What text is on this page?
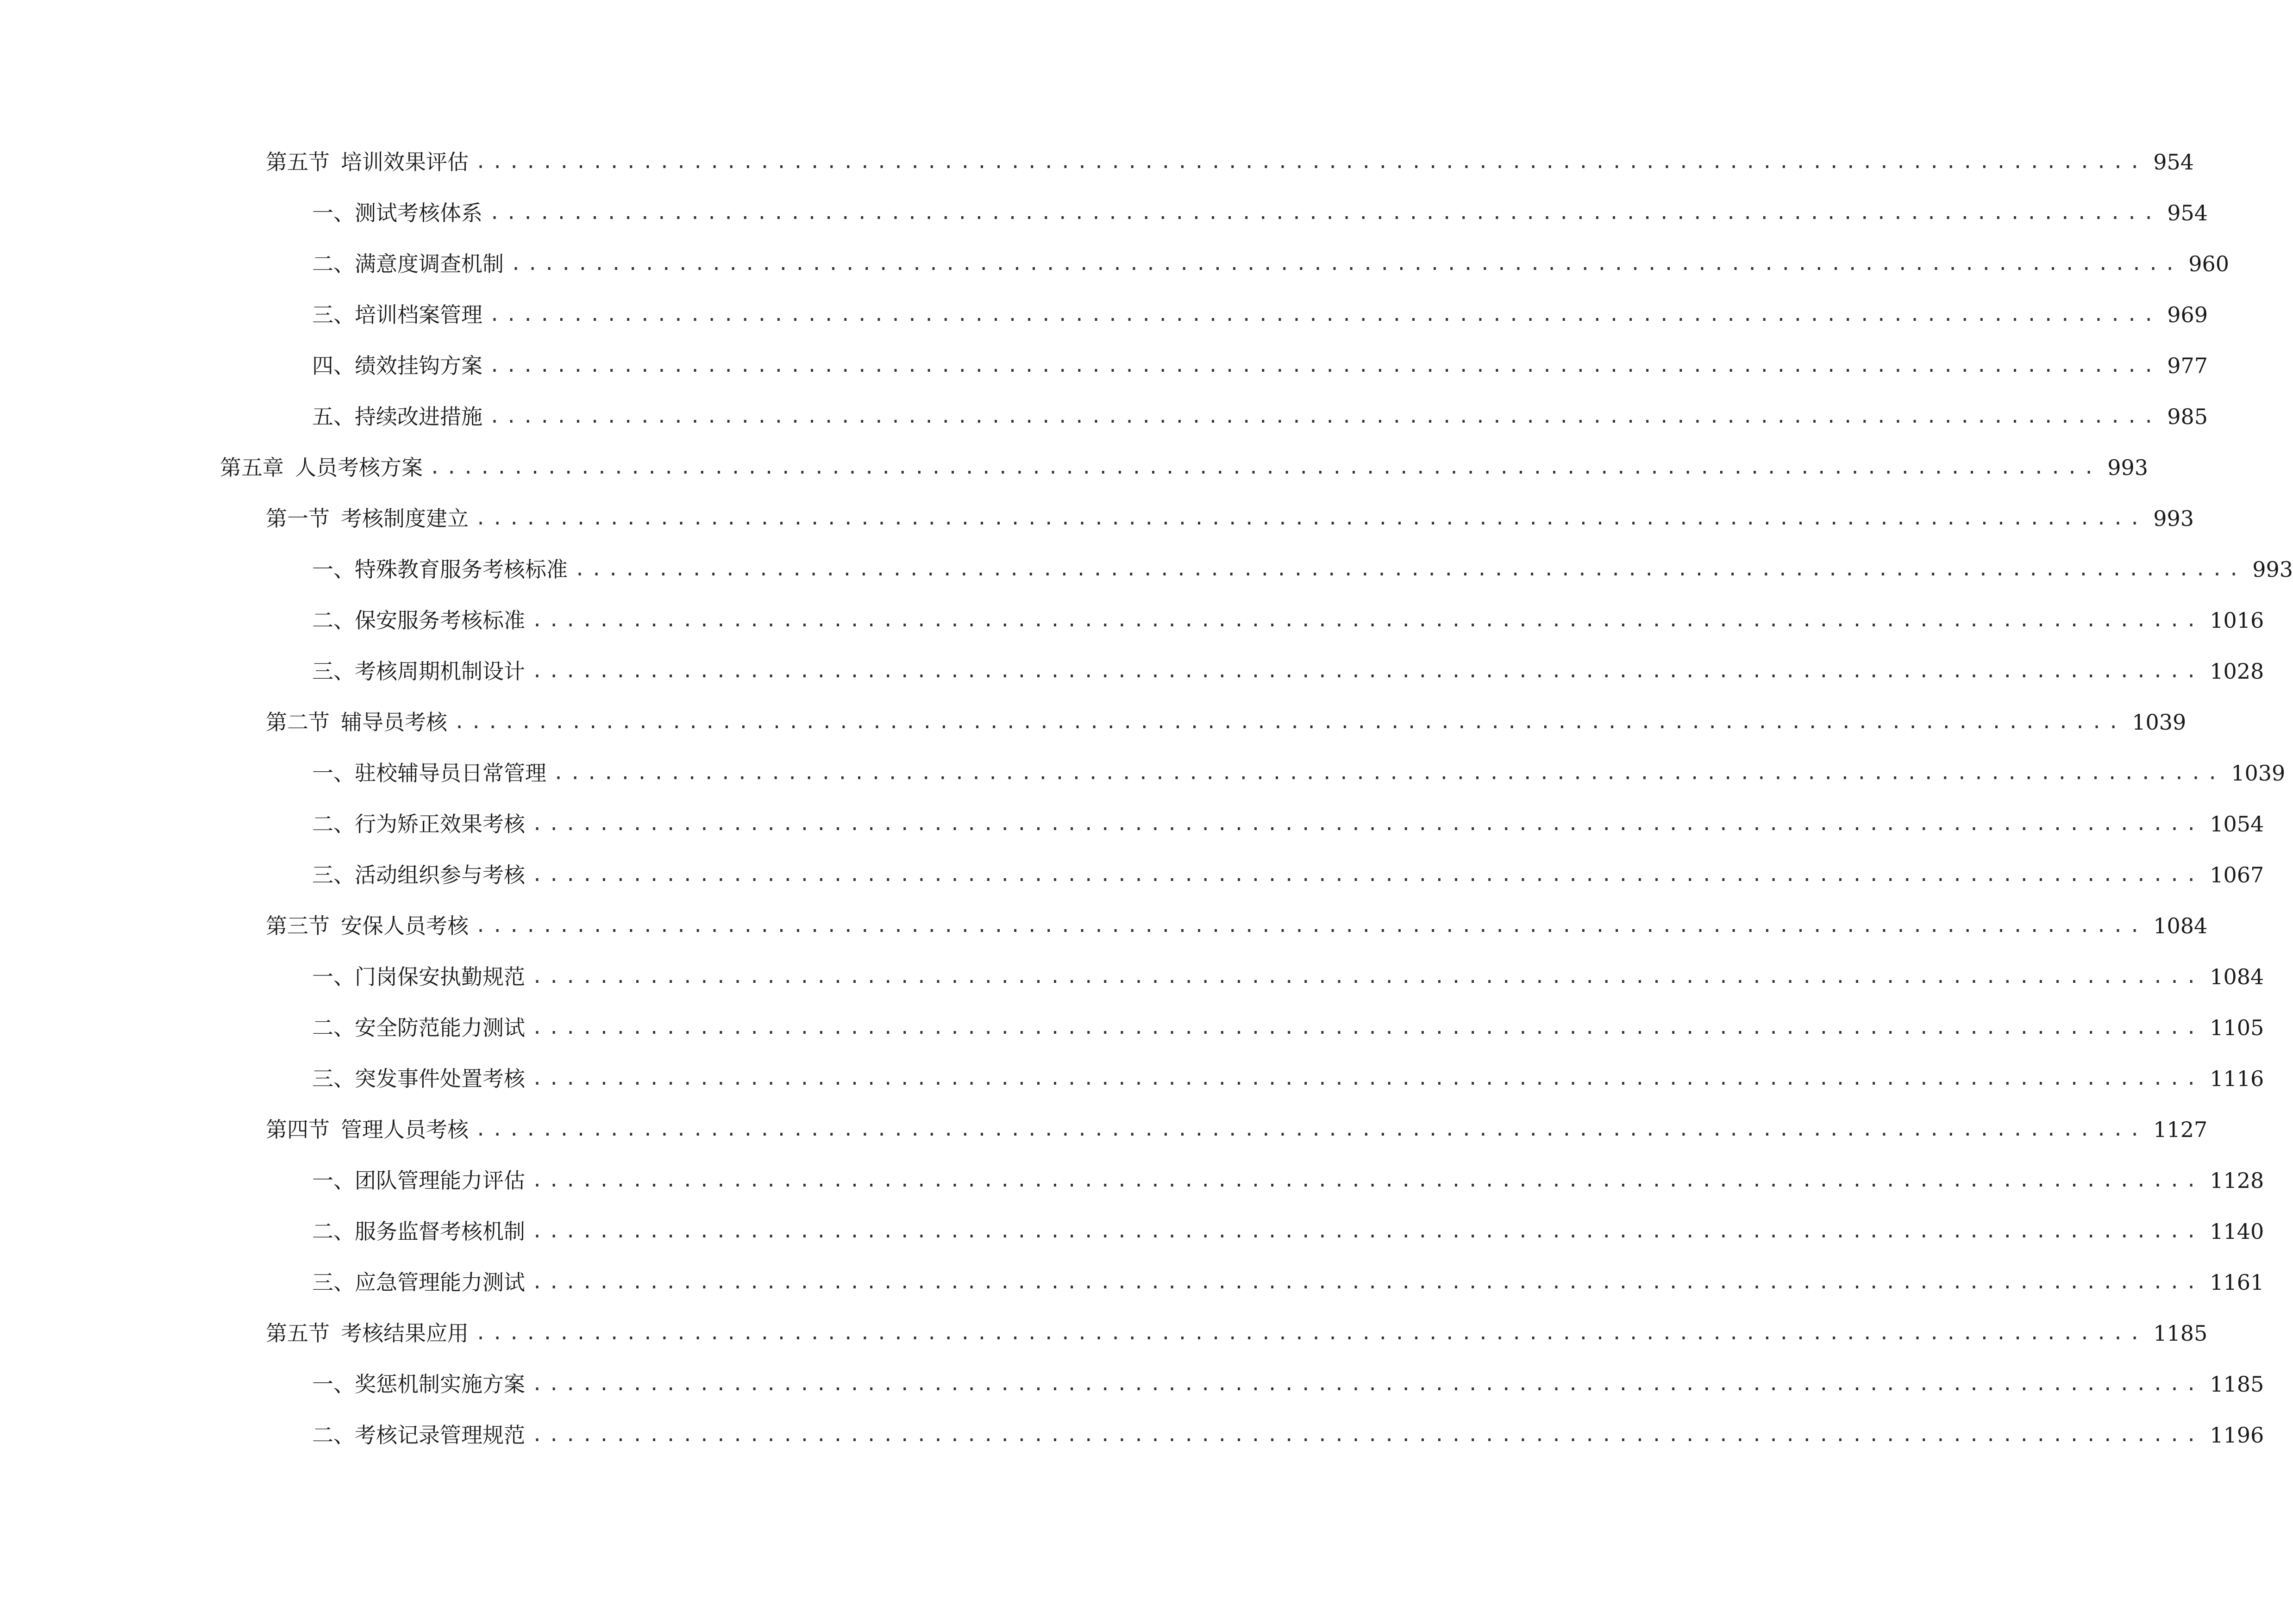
第五节 培训效果评估 .................................................................................................... 954
一、 测试考核体系 .................................................................................................... 954
二、 满意度调查机制 .................................................................................................... 960
三、 培训档案管理 .................................................................................................... 969
四、 绩效挂钩方案 .................................................................................................... 977
五、 持续改进措施 .................................................................................................... 985
第五章 人员考核方案 .................................................................................................... 993
第一节 考核制度建立 .................................................................................................... 993
一、 特殊教育服务考核标准 .................................................................................................... 993
二、 保安服务考核标准 .................................................................................................... 1016
三、 考核周期机制设计 .................................................................................................... 1028
第二节 辅导员考核 .................................................................................................... 1039
一、 驻校辅导员日常管理 .................................................................................................... 1039
二、 行为矫正效果考核 .................................................................................................... 1054
三、 活动组织参与考核 .................................................................................................... 1067
第三节 安保人员考核 .................................................................................................... 1084
一、 门岗保安执勤规范 .................................................................................................... 1084
二、 安全防范能力测试 .................................................................................................... 1105
三、 突发事件处置考核 .................................................................................................... 1116
第四节 管理人员考核 .................................................................................................... 1127
一、 团队管理能力评估 .................................................................................................... 1128
二、 服务监督考核机制 .................................................................................................... 1140
三、 应急管理能力测试 .................................................................................................... 1161
第五节 考核结果应用 .................................................................................................... 1185
一、 奖惩机制实施方案 .................................................................................................... 1185
二、 考核记录管理规范 .................................................................................................... 1196
